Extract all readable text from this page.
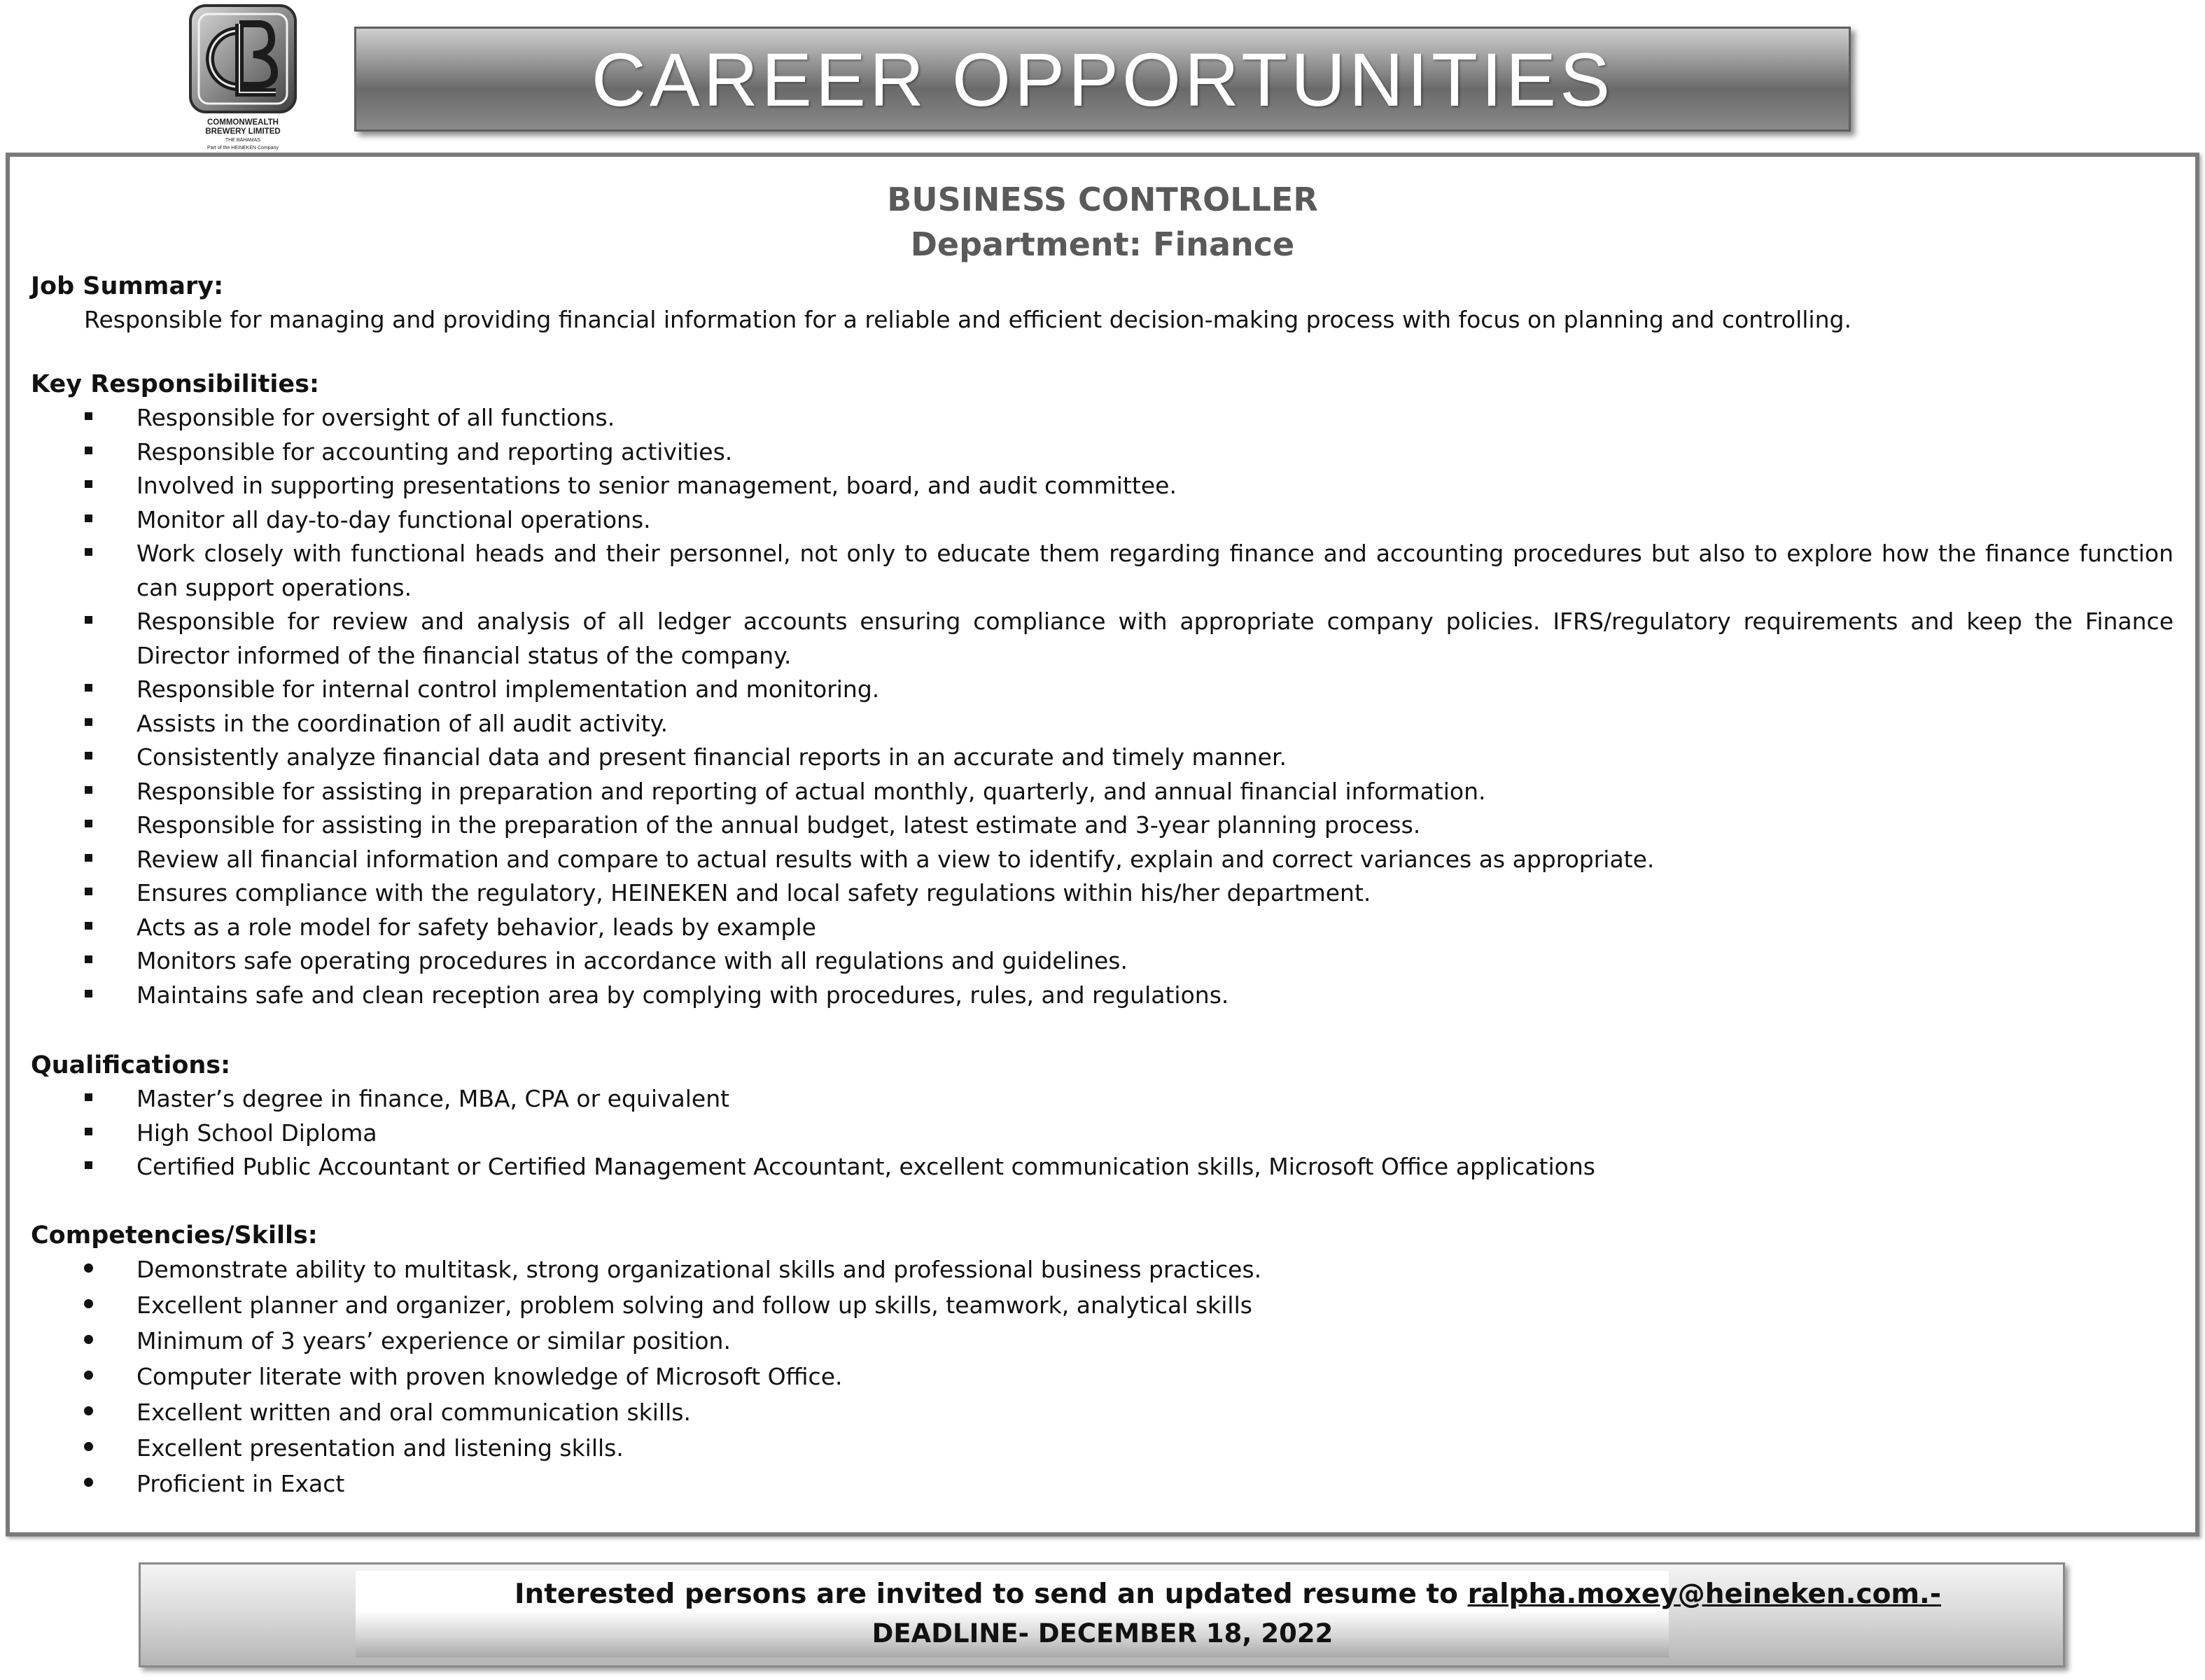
COMMONWEALTH
BREWERY LIMITED
THE BAHAMAS
Part of the HEINEKEN Company
CAREER OPPORTUNITIES
BUSINESS CONTROLLER
Department: Finance
Job Summary:
Responsible for managing and providing financial information for a reliable and efficient decision-making process with focus on planning and controlling.
Key Responsibilities:
Responsible for oversight of all functions.
Responsible for accounting and reporting activities.
Involved in supporting presentations to senior management, board, and audit committee.
Monitor all day-to-day functional operations.
Work closely with functional heads and their personnel, not only to educate them regarding finance and accounting procedures but also to explore how the finance function
can support operations.
Responsible for review and analysis of all ledger accounts ensuring compliance with appropriate company policies. IFRS/regulatory requirements and keep the Finance
Director informed of the financial status of the company.
Responsible for internal control implementation and monitoring.
Assists in the coordination of all audit activity.
Consistently analyze financial data and present financial reports in an accurate and timely manner.
Responsible for assisting in preparation and reporting of actual monthly, quarterly, and annual financial information.
Responsible for assisting in the preparation of the annual budget, latest estimate and 3-year planning process.
Review all financial information and compare to actual results with a view to identify, explain and correct variances as appropriate.
Ensures compliance with the regulatory, HEINEKEN and local safety regulations within his/her department.
Acts as a role model for safety behavior, leads by example
Monitors safe operating procedures in accordance with all regulations and guidelines.
Maintains safe and clean reception area by complying with procedures, rules, and regulations.
Qualifications:
Master’s degree in finance, MBA, CPA or equivalent
High School Diploma
Certified Public Accountant or Certified Management Accountant, excellent communication skills, Microsoft Office applications
Competencies/Skills:
Demonstrate ability to multitask, strong organizational skills and professional business practices.
Excellent planner and organizer, problem solving and follow up skills, teamwork, analytical skills
Minimum of 3 years’ experience or similar position.
Computer literate with proven knowledge of Microsoft Office.
Excellent written and oral communication skills.
Excellent presentation and listening skills.
Proficient in Exact
Interested persons are invited to send an updated resume to ralpha.moxey@heineken.com.-
DEADLINE- DECEMBER 18, 2022
